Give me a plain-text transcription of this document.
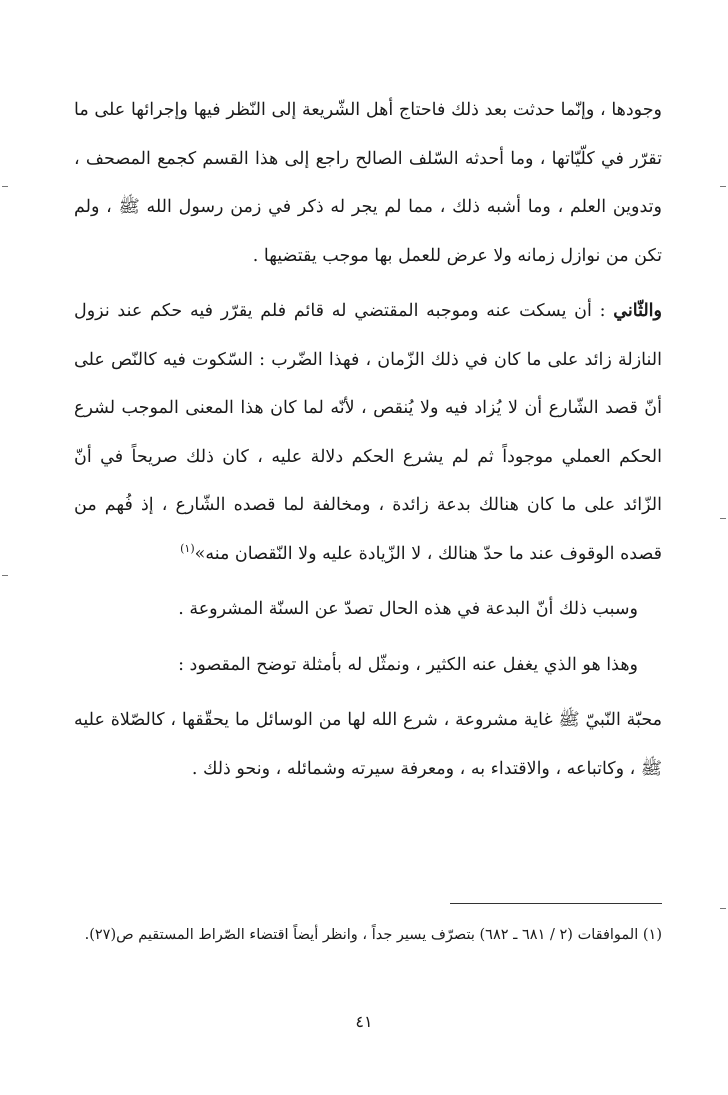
وجودها ، وإنّما حدثت بعد ذلك فاحتاج أهل الشّريعة إلى النّظر فيها وإجرائها على ما تقرّر في كلّيّاتها ، وما أحدثه السّلف الصالح راجع إلى هذا القسم كجمع المصحف ، وتدوين العلم ، وما أشبه ذلك ، مما لم يجر له ذكر في زمن رسول الله ﷺ ، ولم تكن من نوازل زمانه ولا عرض للعمل بها موجب يقتضيها .

والثّاني : أن يسكت عنه وموجبه المقتضي له قائم فلم يقرّر فيه حكم عند نزول النازلة زائد على ما كان في ذلك الزّمان ، فهذا الضّرب : السّكوت فيه كالنّص على أنّ قصد الشّارع أن لا يُزاد فيه ولا يُنقص ، لأنّه لما كان هذا المعنى الموجب لشرع الحكم العملي موجوداً ثم لم يشرع الحكم دلالة عليه ، كان ذلك صريحاً في أنّ الزّائد على ما كان هنالك بدعة زائدة ، ومخالفة لما قصده الشّارع ، إذ فُهم من قصده الوقوف عند ما حدّ هنالك ، لا الزّيادة عليه ولا النّقصان منه»$^{(١)}$

وسبب ذلك أنّ البدعة في هذه الحال تصدّ عن السنّة المشروعة .

وهذا هو الذي يغفل عنه الكثير ، ونمثّل له بأمثلة توضح المقصود :

محبّة النّبيّ ﷺ غاية مشروعة ، شرع الله لها من الوسائل ما يحقّقها ، كالصّلاة عليه ﷺ ، وكاتباعه ، والاقتداء به ، ومعرفة سيرته وشمائله ، ونحو ذلك .

(١) الموافقات (٢ / ٦٨١ ـ ٦٨٢) بتصرّف يسير جداً ، وانظر أيضاً اقتضاء الصّراط المستقيم ص(٢٧).

٤١
